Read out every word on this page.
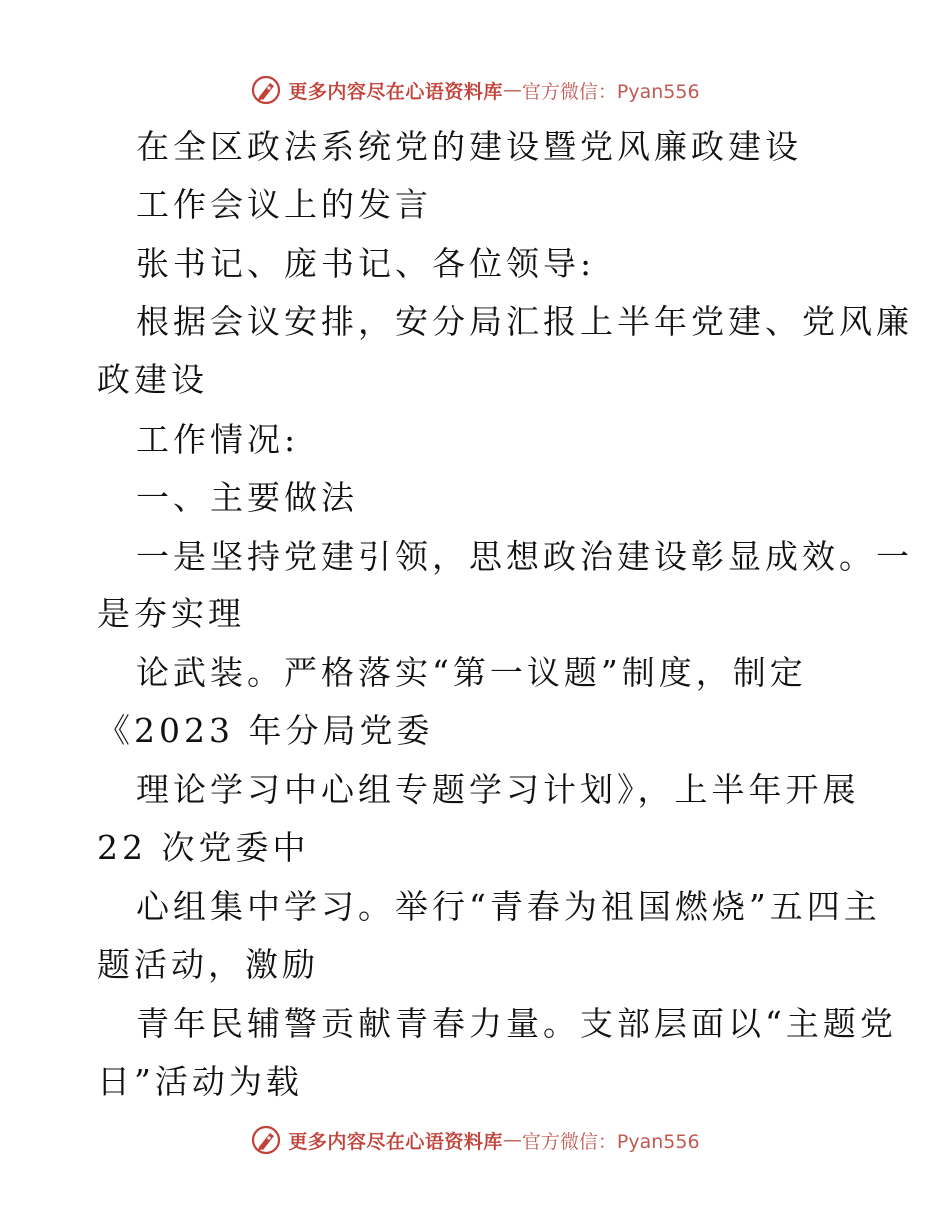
更多内容尽在心语资料库 — 官方微信：Pyan556
在全区政法系统党的建设暨党风廉政建设
工作会议上的发言
张书记、庞书记、各位领导:
根据会议安排，安分局汇报上半年党建、党风廉
政建设
工作情况:
一、主要做法
一是坚持党建引领，思想政治建设彰显成效。一
是夯实理
论武装。严格落实“第一议题”制度，制定
《2023 年分局党委
理论学习中心组专题学习计划》，上半年开展
22 次党委中
心组集中学习。举行“青春为祖国燃烧”五四主
题活动，激励
青年民辅警贡献青春力量。支部层面以“主题党
日”活动为载
更多内容尽在心语资料库 — 官方微信：Pyan556
